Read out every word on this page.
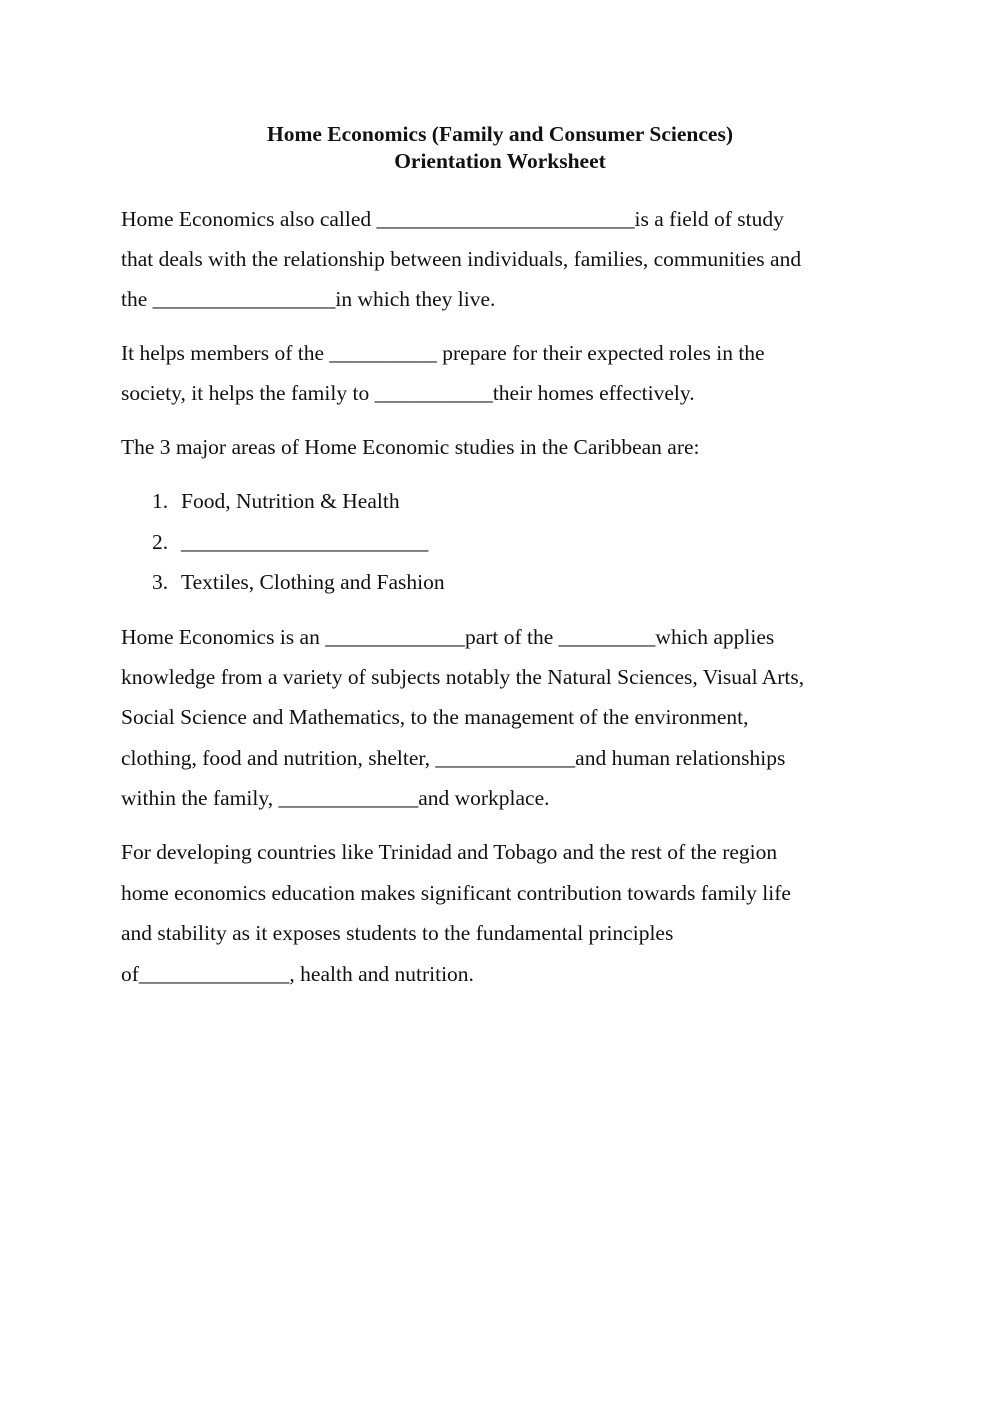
Home Economics (Family and Consumer Sciences)
Orientation Worksheet
Home Economics also called ________________________is a field of study
that deals with the relationship between individuals, families, communities and
the _________________in which they live.
It helps members of the __________ prepare for their expected roles in the
society, it helps the family to ___________their homes effectively.
The 3 major areas of Home Economic studies in the Caribbean are:
1. Food, Nutrition & Health
2. _______________________
3. Textiles, Clothing and Fashion
Home Economics is an _____________part of the _________which applies
knowledge from a variety of subjects notably the Natural Sciences, Visual Arts,
Social Science and Mathematics, to the management of the environment,
clothing, food and nutrition, shelter, _____________and human relationships
within the family, _____________and workplace.
For developing countries like Trinidad and Tobago and the rest of the region
home economics education makes significant contribution towards family life
and stability as it exposes students to the fundamental principles
of______________, health and nutrition.
